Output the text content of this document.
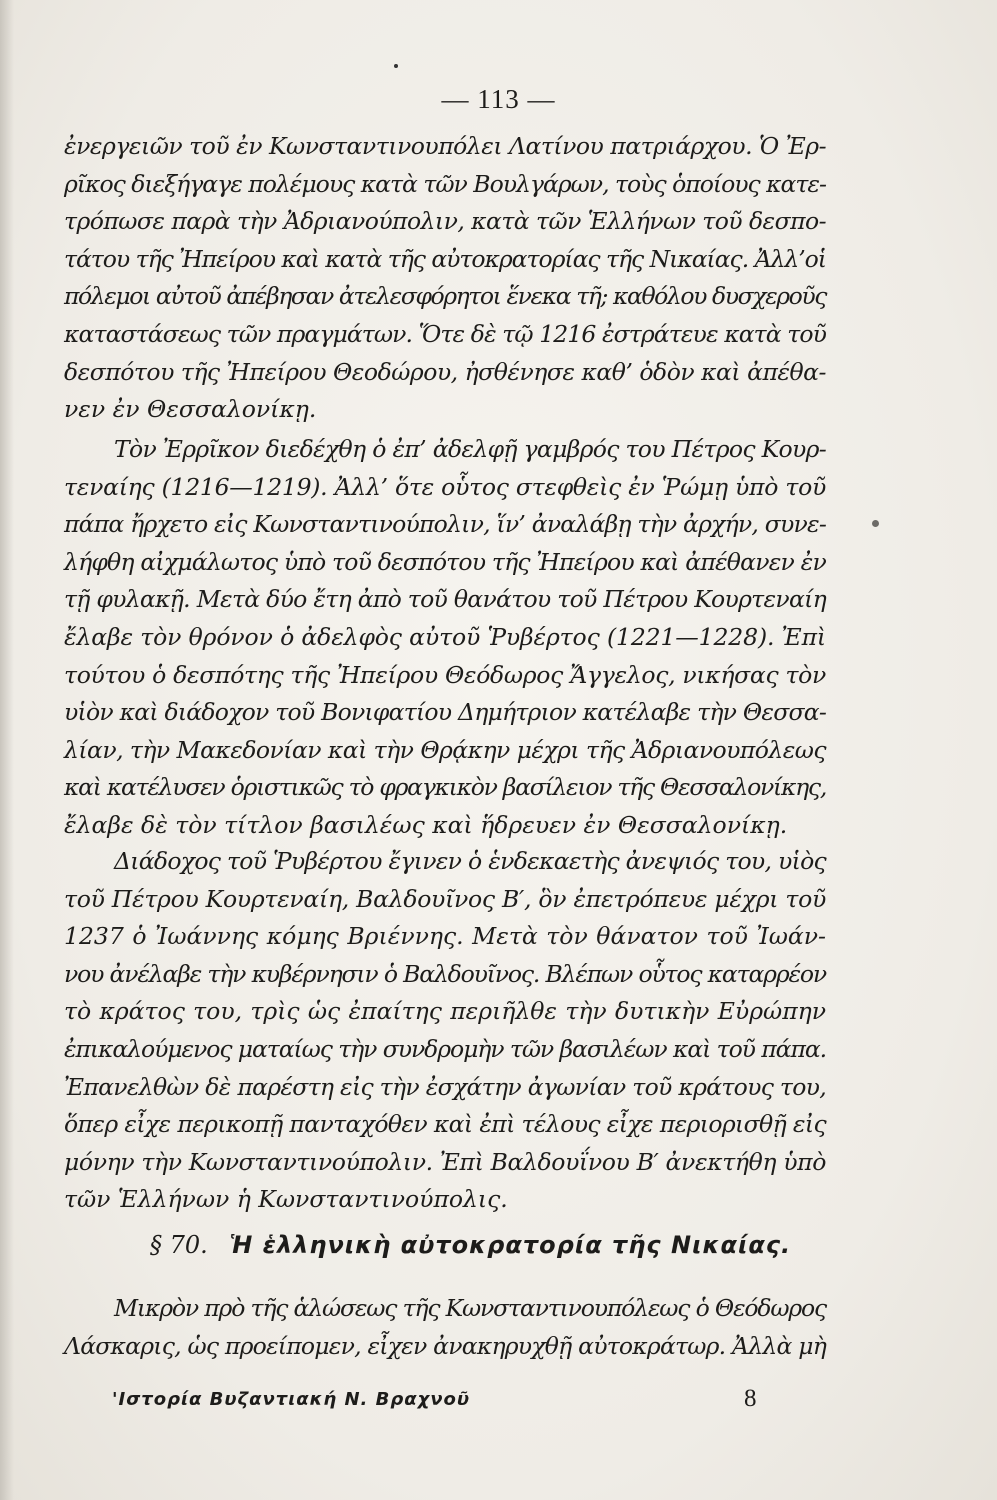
— 113 —
ἐνεργειῶν τοῦ ἐν Κωνσταντινουπόλει Λατίνου πατριάρχου. Ὁ Ἐρ-
ρῖκος διεξήγαγε πολέμους κατὰ τῶν Βουλγάρων, τοὺς ὁποίους κατε-
τρόπωσε παρὰ τὴν Ἀδριανούπολιν, κατὰ τῶν Ἑλλήνων τοῦ δεσπο-
τάτου τῆς Ἠπείρου καὶ κατὰ τῆς αὐτοκρατορίας τῆς Νικαίας. Ἀλλ’οἱ
πόλεμοι αὐτοῦ ἀπέβησαν ἀτελεσφόρητοι ἕνεκα τῆ; καθόλου δυσχεροῦς
καταστάσεως τῶν πραγμάτων. Ὅτε δὲ τῷ 1216 ἐστράτευε κατὰ τοῦ
δεσπότου τῆς Ἠπείρου Θεοδώρου, ἠσθένησε καθ’ ὁδὸν καὶ ἀπέθα-
νεν ἐν Θεσσαλονίκῃ.
Τὸν Ἐρρῖκον διεδέχθη ὁ ἐπ’ ἀδελφῇ γαμβρός του Πέτρος Κουρ-
τεναίης (1216—1219). Ἀλλ’ ὅτε οὗτος στεφθεὶς ἐν Ῥώμῃ ὑπὸ τοῦ
πάπα ἤρχετο εἰς Κωνσταντινούπολιν, ἵν’ ἀναλάβῃ τὴν ἀρχήν, συνε-
λήφθη αἰχμάλωτος ὑπὸ τοῦ δεσπότου τῆς Ἠπείρου καὶ ἀπέθανεν ἐν
τῇ φυλακῇ. Μετὰ δύο ἔτη ἀπὸ τοῦ θανάτου τοῦ Πέτρου Κουρτεναίη
ἔλαβε τὸν θρόνον ὁ ἀδελφὸς αὐτοῦ Ῥυβέρτος (1221—1228). Ἐπὶ
τούτου ὁ δεσπότης τῆς Ἠπείρου Θεόδωρος Ἄγγελος, νικήσας τὸν
υἱὸν καὶ διάδοχον τοῦ Βονιφατίου Δημήτριον κατέλαβε τὴν Θεσσα-
λίαν, τὴν Μακεδονίαν καὶ τὴν Θρᾴκην μέχρι τῆς Ἀδριανουπόλεως
καὶ κατέλυσεν ὁριστικῶς τὸ φραγκικὸν βασίλειον τῆς Θεσσαλονίκης,
ἔλαβε δὲ τὸν τίτλον βασιλέως καὶ ἥδρευεν ἐν Θεσσαλονίκῃ.
Διάδοχος τοῦ Ῥυβέρτου ἔγινεν ὁ ἑνδεκαετὴς ἀνεψιός του, υἱὸς
τοῦ Πέτρου Κουρτεναίη, Βαλδουῖνος Β′, ὃν ἐπετρόπευε μέχρι τοῦ
1237 ὁ Ἰωάννης κόμης Βριέννης. Μετὰ τὸν θάνατον τοῦ Ἰωάν-
νου ἀνέλαβε τὴν κυβέρνησιν ὁ Βαλδουῖνος. Βλέπων οὗτος καταρρέον
τὸ κράτος του, τρὶς ὡς ἐπαίτης περιῆλθε τὴν δυτικὴν Εὐρώπην
ἐπικαλούμενος ματαίως τὴν συνδρομὴν τῶν βασιλέων καὶ τοῦ πάπα.
Ἐπανελθὼν δὲ παρέστη εἰς τὴν ἐσχάτην ἀγωνίαν τοῦ κράτους του,
ὅπερ εἶχε περικοπῇ πανταχόθεν καὶ ἐπὶ τέλους εἶχε περιορισθῇ εἰς
μόνην τὴν Κωνσταντινούπολιν. Ἐπὶ Βαλδουΐνου Β′ ἀνεκτήθη ὑπὸ
τῶν Ἑλλήνων ἡ Κωνσταντινούπολις.
§ 70. Ἡ ἑλληνικὴ αὐτοκρατορία τῆς Νικαίας.
Μικρὸν πρὸ τῆς ἁλώσεως τῆς Κωνσταντινουπόλεως ὁ Θεόδωρος
Λάσκαρις, ὡς προείπομεν, εἶχεν ἀνακηρυχθῇ αὐτοκράτωρ. Ἀλλὰ μὴ
'Ιστορία Βυζαντιακή Ν. Βραχνοῦ	8
